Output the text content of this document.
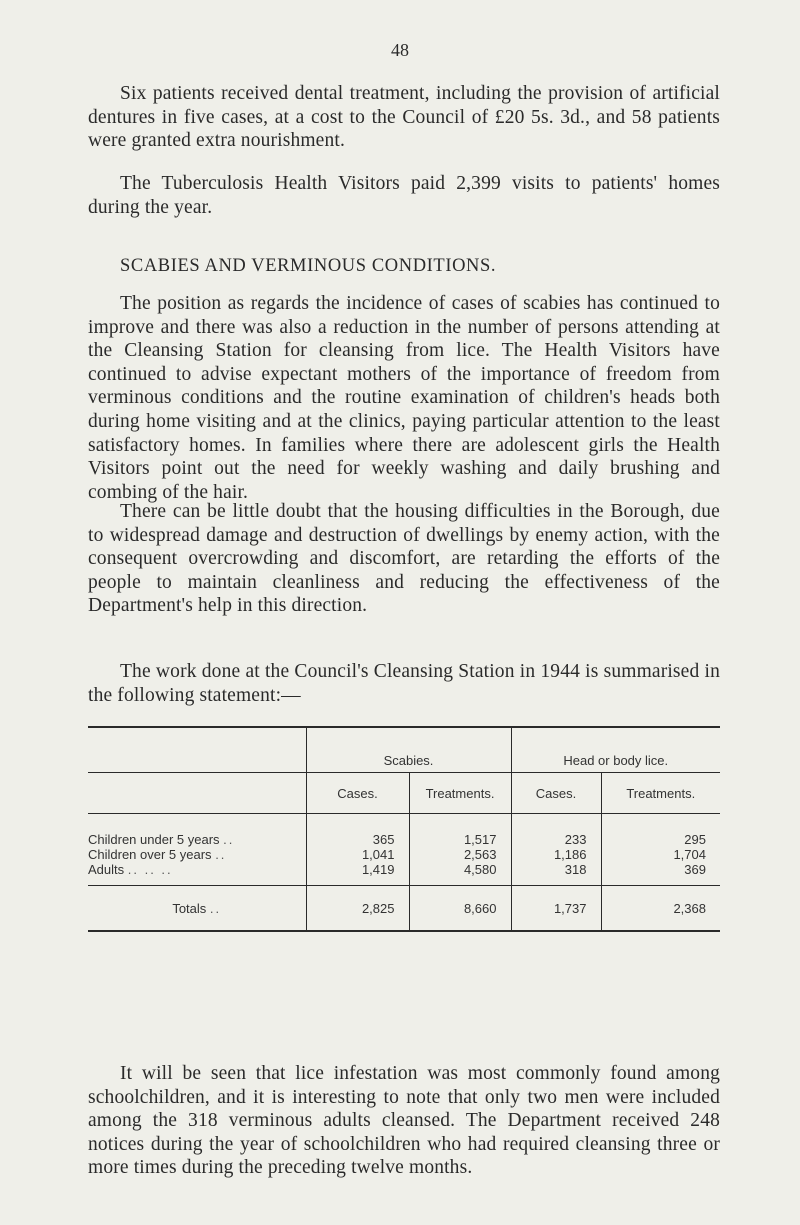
48

Six patients received dental treatment, including the provision of artificial dentures in five cases, at a cost to the Council of £20 5s. 3d., and 58 patients were granted extra nourishment.

The Tuberculosis Health Visitors paid 2,399 visits to patients' homes during the year.

SCABIES AND VERMINOUS CONDITIONS.

The position as regards the incidence of cases of scabies has continued to improve and there was also a reduction in the number of persons attending at the Cleansing Station for cleansing from lice. The Health Visitors have continued to advise expectant mothers of the importance of freedom from verminous conditions and the routine examination of children's heads both during home visiting and at the clinics, paying particular attention to the least satisfactory homes. In families where there are adolescent girls the Health Visitors point out the need for weekly washing and daily brushing and combing of the hair.

There can be little doubt that the housing difficulties in the Borough, due to widespread damage and destruction of dwellings by enemy action, with the consequent overcrowding and discomfort, are retarding the efforts of the people to maintain cleanliness and reducing the effectiveness of the Department's help in this direction.

The work done at the Council's Cleansing Station in 1944 is summarised in the following statement:—

	Scabies.		Head or body lice.	
	Cases.	Treatments.	Cases.	Treatments.

Children under 5 years ..	365	1,517	233	295
Children over 5 years ..	1,041	2,563	1,186	1,704
Adults .. .. ..	1,419	4,580	318	369
Totals ..	2,825	8,660	1,737	2,368

It will be seen that lice infestation was most commonly found among schoolchildren, and it is interesting to note that only two men were included among the 318 verminous adults cleansed. The Department received 248 notices during the year of schoolchildren who had required cleansing three or more times during the preceding twelve months.
